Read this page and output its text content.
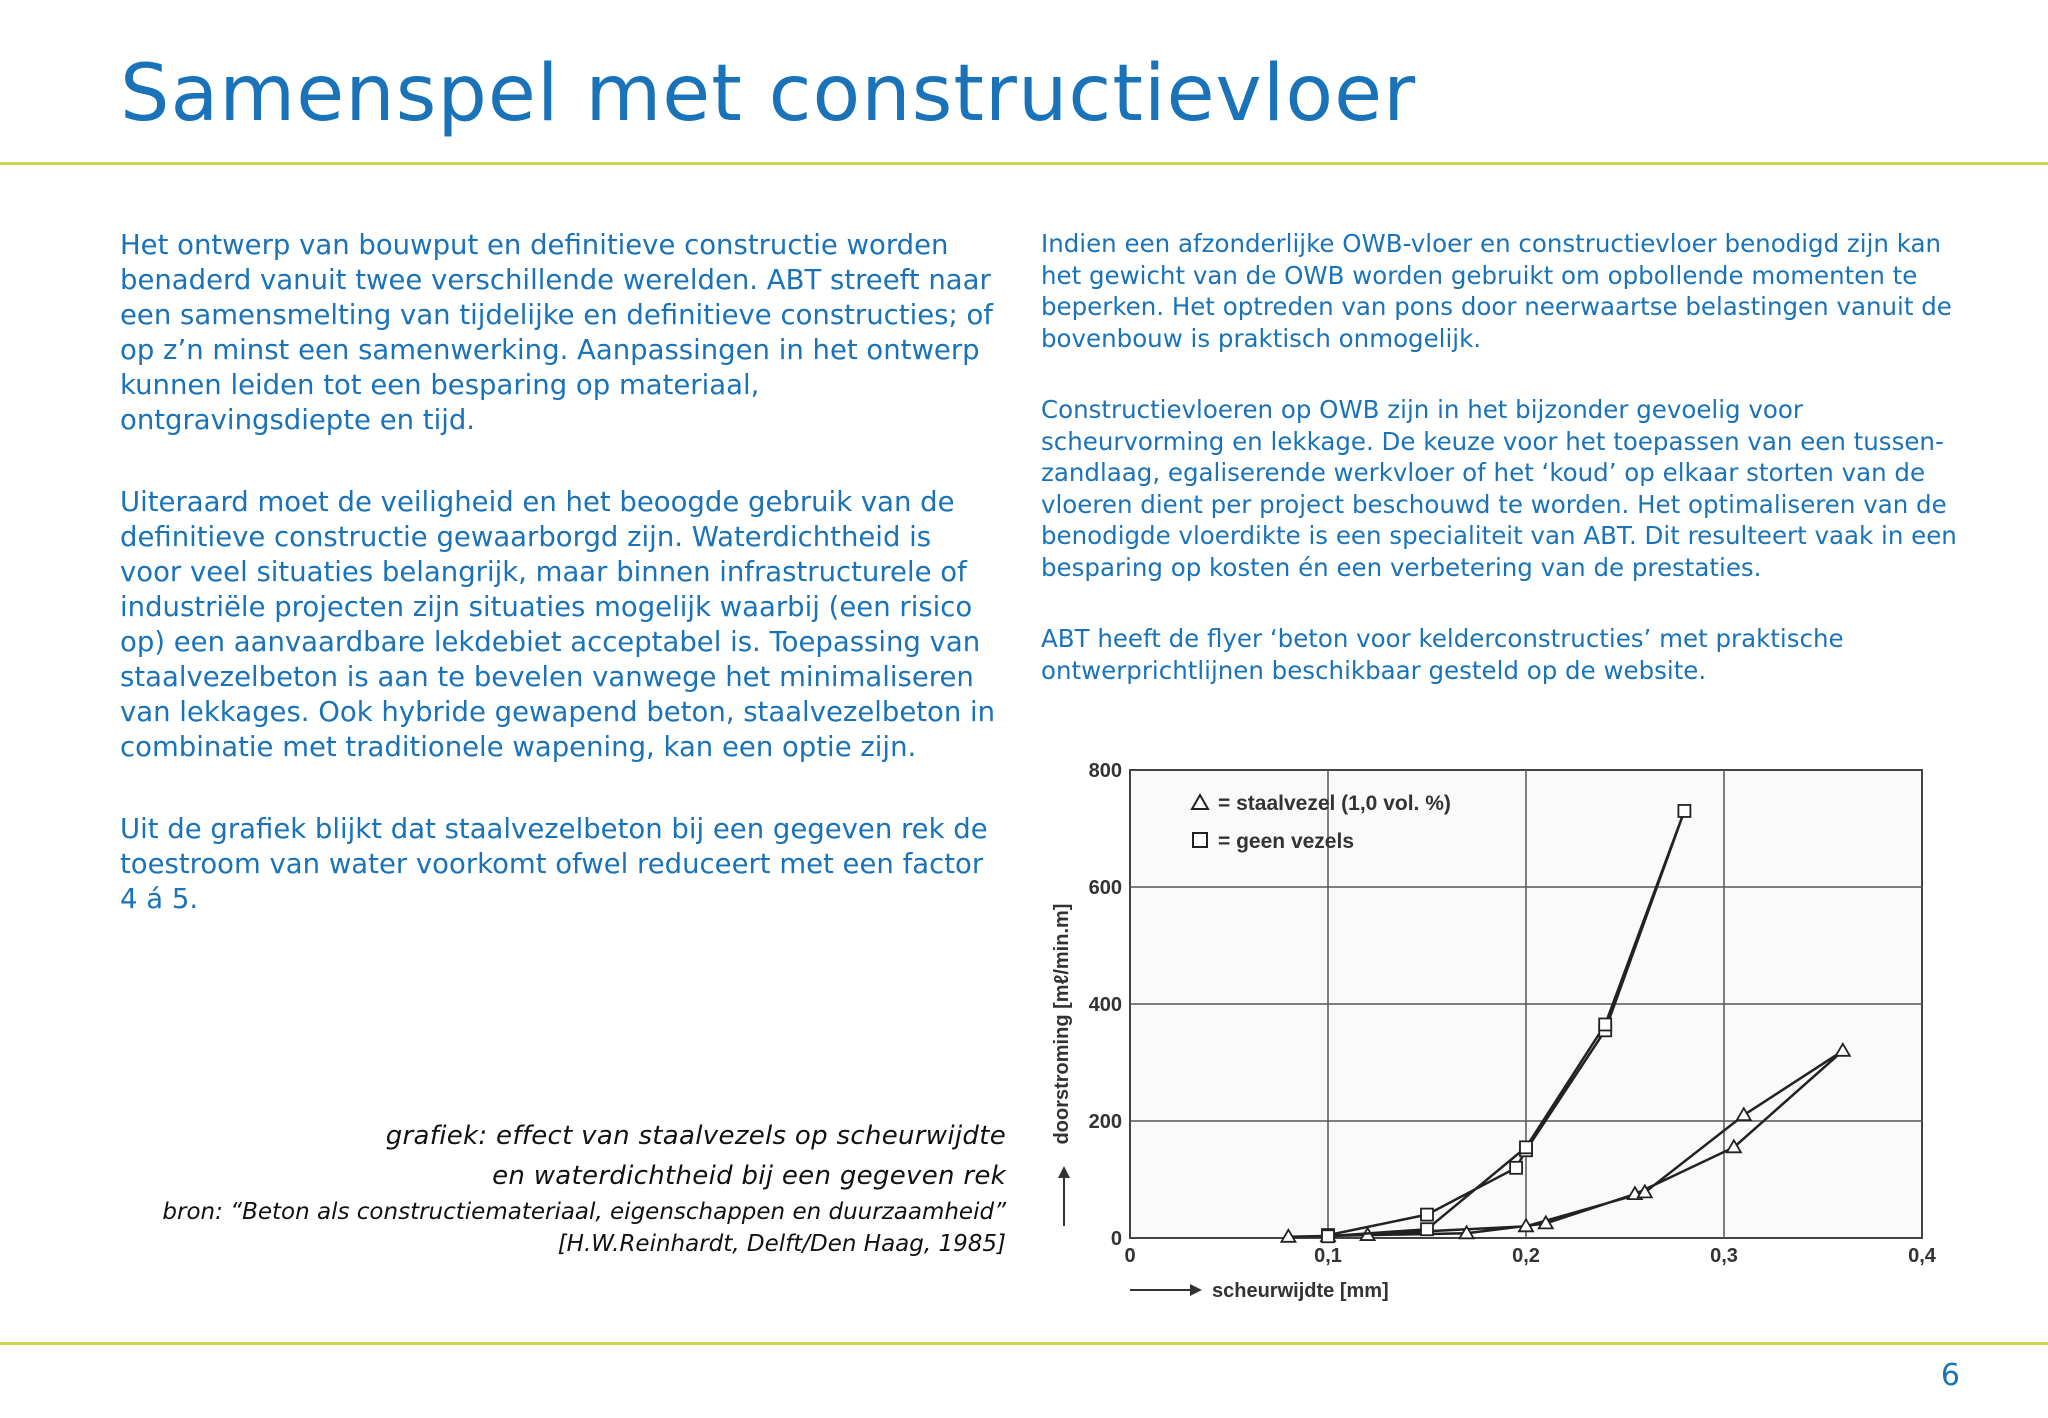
Samenspel met constructievloer

Het ontwerp van bouwput en definitieve constructie worden benaderd vanuit twee verschillende werelden. ABT streeft naar een samensmelting van tijdelijke en definitieve constructies; of op z’n minst een samenwerking. Aanpassingen in het ontwerp kunnen leiden tot een besparing op materiaal, ontgravingsdiepte en tijd.

Uiteraard moet de veiligheid en het beoogde gebruik van de definitieve constructie gewaarborgd zijn. Waterdichtheid is voor veel situaties belangrijk, maar binnen infrastructurele of industriële projecten zijn situaties mogelijk waarbij (een risico op) een aanvaardbare lekdebiet acceptabel is. Toepassing van staalvezelbeton is aan te bevelen vanwege het minimaliseren van lekkages. Ook hybride gewapend beton, staalvezelbeton in combinatie met traditionele wapening, kan een optie zijn.

Uit de grafiek blijkt dat staalvezelbeton bij een gegeven rek de toestroom van water voorkomt ofwel reduceert met een factor 4 á 5.

Indien een afzonderlijke OWB-vloer en constructievloer benodigd zijn kan het gewicht van de OWB worden gebruikt om opbollende momenten te beperken. Het optreden van pons door neerwaartse belastingen vanuit de bovenbouw is praktisch onmogelijk.

Constructievloeren op OWB zijn in het bijzonder gevoelig voor scheurvorming en lekkage. De keuze voor het toepassen van een tussen-zandlaag, egaliserende werkvloer of het ‘koud’ op elkaar storten van de vloeren dient per project beschouwd te worden. Het optimaliseren van de benodigde vloerdikte is een specialiteit van ABT. Dit resulteert vaak in een besparing op kosten én een verbetering van de prestaties.

ABT heeft de flyer ‘beton voor kelderconstructies’ met praktische ontwerprichtlijnen beschikbaar gesteld op de website.

grafiek: effect van staalvezels op scheurwijdte
en waterdichtheid bij een gegeven rek
bron: “Beton als constructiemateriaal, eigenschappen en duurzaamheid”
[H.W.Reinhardt, Delft/Den Haag, 1985]	0	0,1	0,2	0,3	0,4
0
200
400
600
800
scheurwijdte [mm]
doorstroming [mℓ/min.m]
= staalvezel (1,0 vol. %)
= geen vezels
6
